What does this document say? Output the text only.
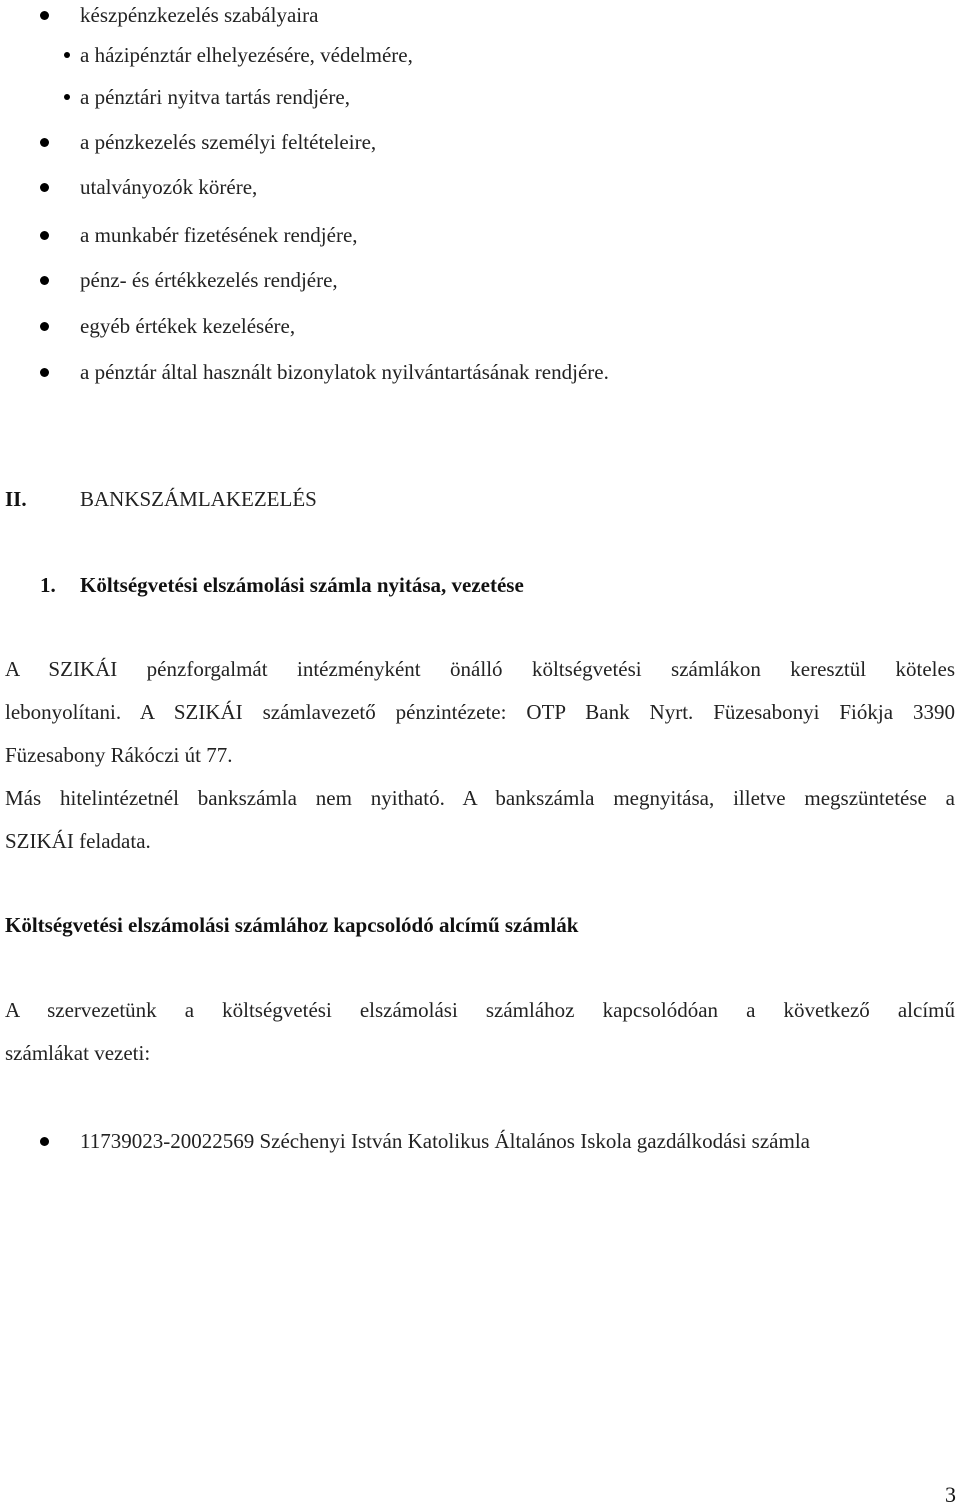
készpénzkezelés szabályaira
a házipénztár elhelyezésére, védelmére,
a pénztári nyitva tartás rendjére,
a pénzkezelés személyi feltételeire,
utalványozók körére,
a munkabér fizetésének rendjére,
pénz- és értékkezelés rendjére,
egyéb értékek kezelésére,
a pénztár által használt bizonylatok nyilvántartásának rendjére.
II.	BANKSZÁMLAKEZELÉS
1. Költségvetési elszámolási számla nyitása, vezetése
A SZIKÁI pénzforgalmát intézményként önálló költségvetési számlákon keresztül köteles
lebonyolítani. A SZIKÁI számlavezető pénzintézete: OTP Bank Nyrt. Füzesabonyi Fiókja 3390
Füzesabony Rákóczi út 77.
Más hitelintézetnél bankszámla nem nyitható. A bankszámla megnyitása, illetve megszüntetése a
SZIKÁI feladata.
Költségvetési elszámolási számlához kapcsolódó alcímű számlák
A szervezetünk a költségvetési elszámolási számlához kapcsolódóan a következő alcímű
számlákat vezeti:
11739023-20022569 Széchenyi István Katolikus Általános Iskola gazdálkodási számla
3
